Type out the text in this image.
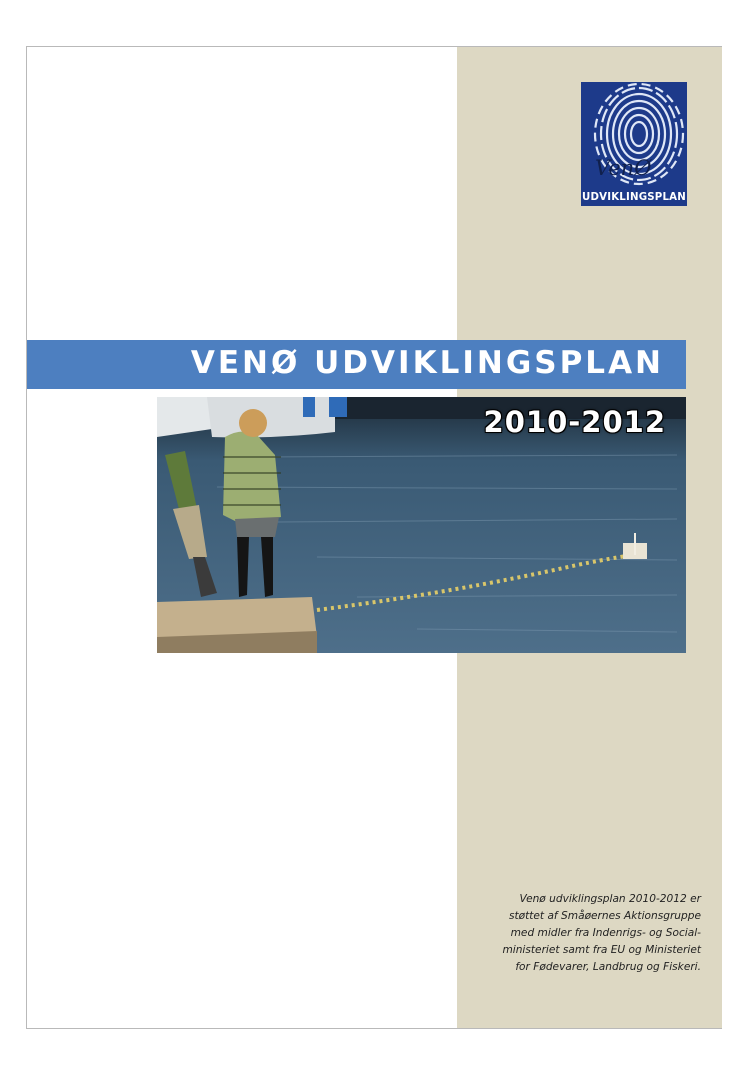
VenØ
UDVIKLINGSPLAN
VENØ UDVIKLINGSPLAN
2010-2012
Venø udviklingsplan 2010-2012 er
støttet af Småøernes Aktionsgruppe
med midler fra Indenrigs- og Social-
ministeriet samt fra EU og Ministeriet
for Fødevarer, Landbrug og Fiskeri.
